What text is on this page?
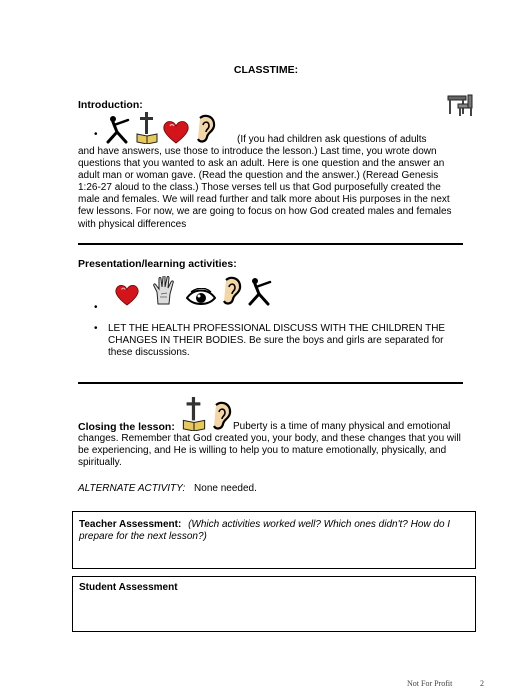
CLASSTIME:
Introduction:
•	(If you had children ask questions of adults
and have answers, use those to introduce the lesson.) Last time, you wrote down
questions that you wanted to ask an adult. Here is one question and the answer an
adult man or woman gave. (Read the question and the answer.) (Reread Genesis
1:26-27 aloud to the class.) Those verses tell us that God purposefully created the
male and females. We will read further and talk more about His purposes in the next
few lessons. For now, we are going to focus on how God created males and females
with physical differences
Presentation/learning activities:
•
• LET THE HEALTH PROFESSIONAL DISCUSS WITH THE CHILDREN THE
CHANGES IN THEIR BODIES. Be sure the boys and girls are separated for
these discussions.
Closing the lesson:	Puberty is a time of many physical and emotional
changes. Remember that God created you, your body, and these changes that you will
be experiencing, and He is willing to help you to mature emotionally, physically, and
spiritually.
ALTERNATE ACTIVITY: None needed.
Teacher Assessment: (Which activities worked well? Which ones didn't? How do I
prepare for the next lesson?)
Student Assessment
Not For Profit	2
